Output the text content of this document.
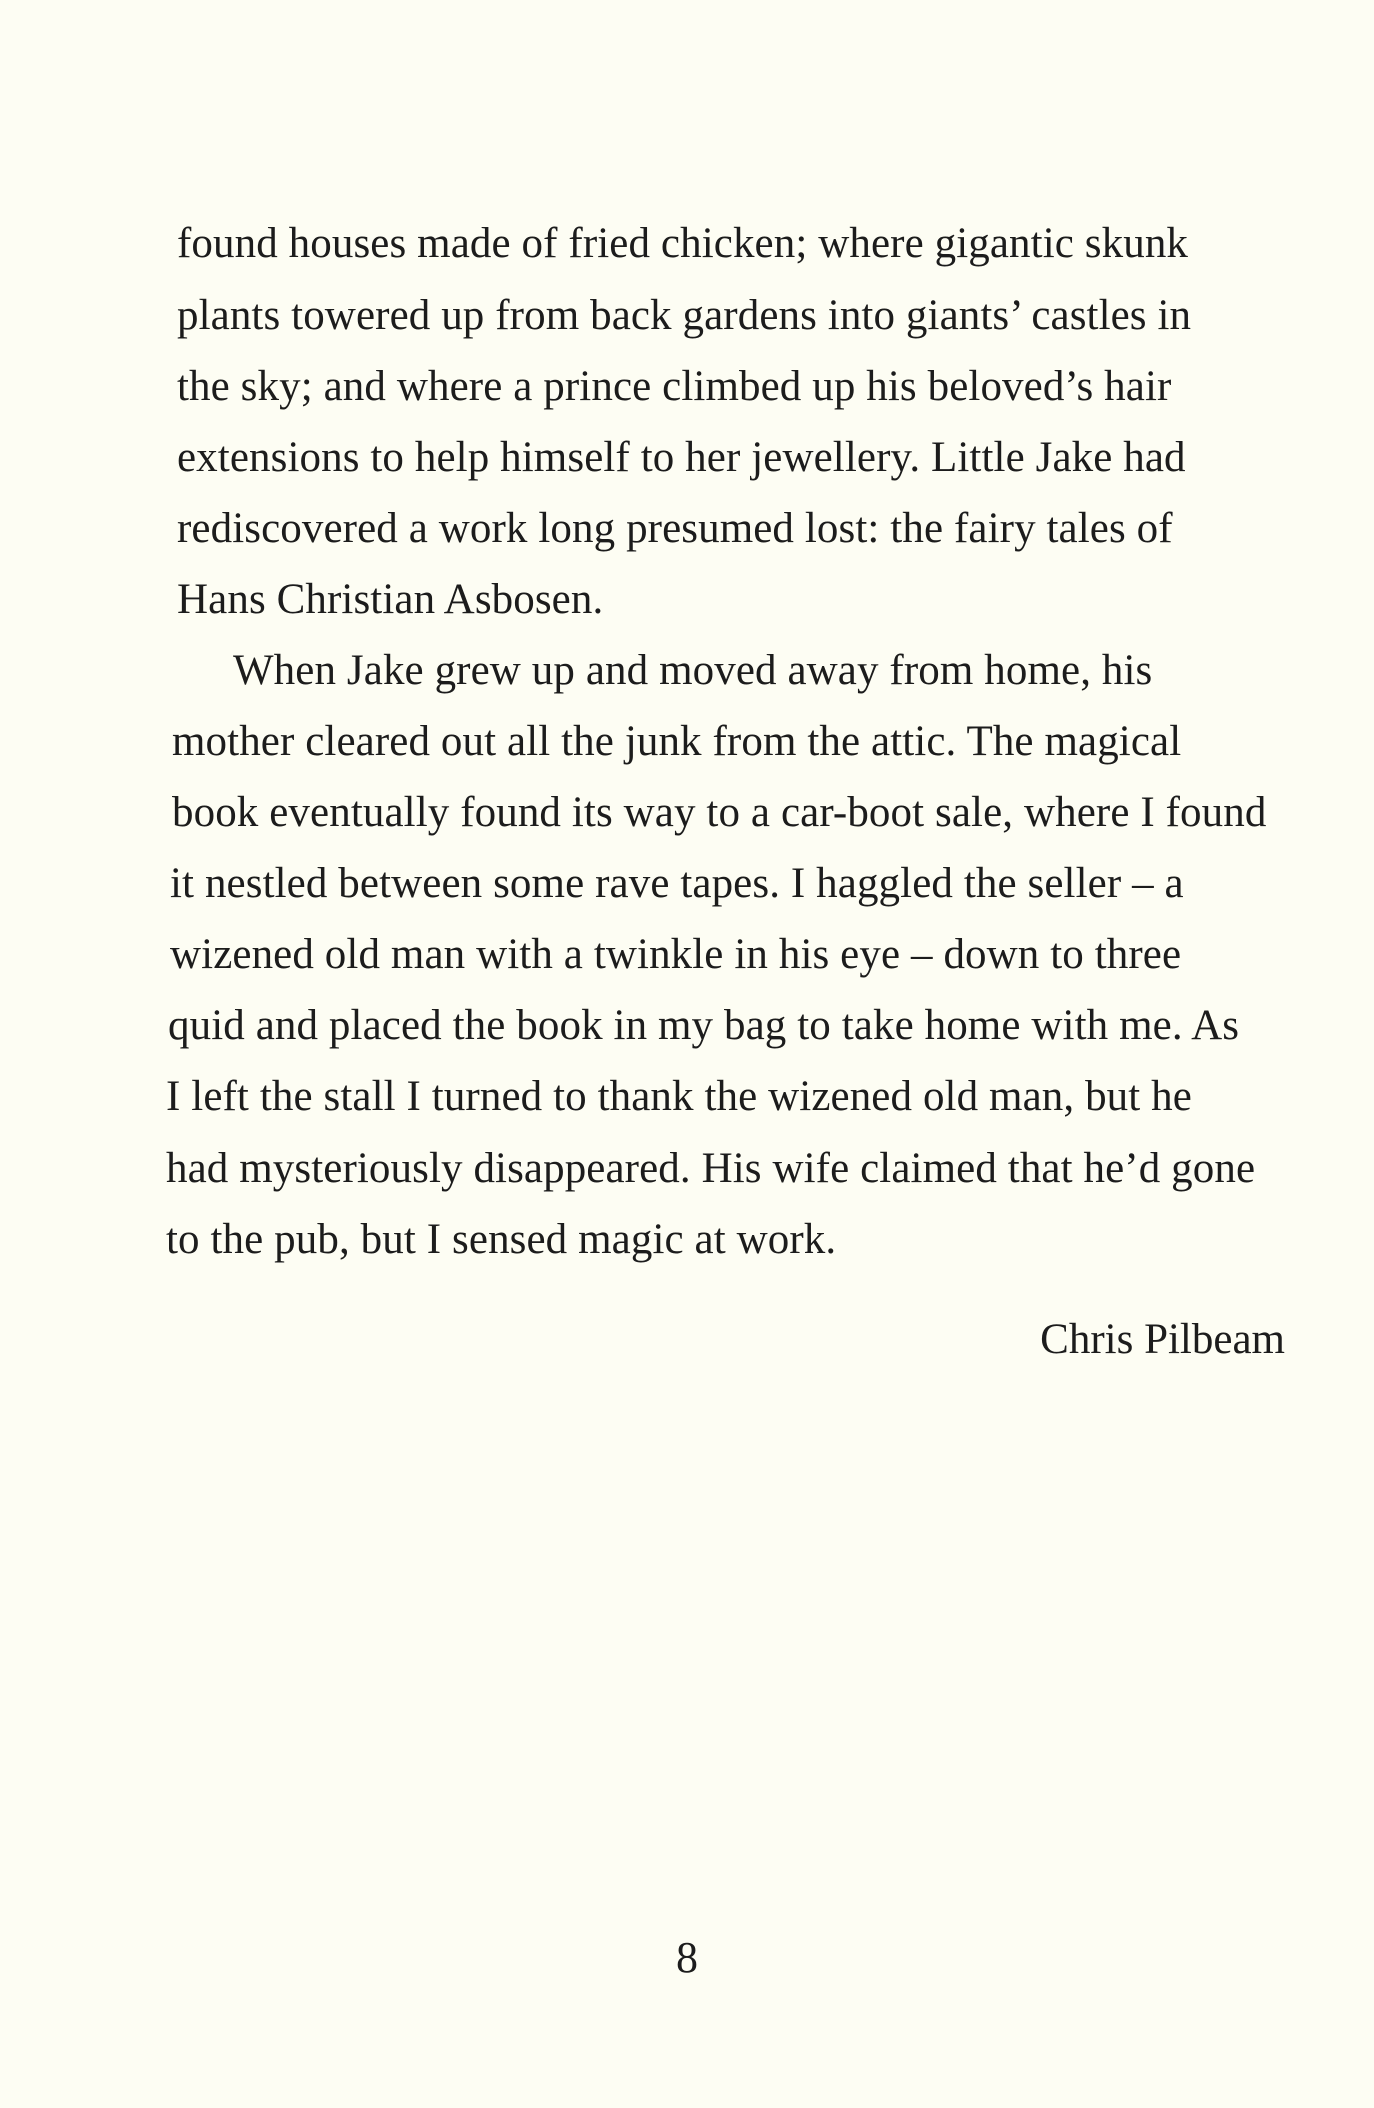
found houses made of fried chicken; where gigantic skunk
plants towered up from back gardens into giants’ castles in
the sky; and where a prince climbed up his beloved’s hair
extensions to help himself to her jewellery. Little Jake had
rediscovered a work long presumed lost: the fairy tales of
Hans Christian Asbosen.
When Jake grew up and moved away from home, his
mother cleared out all the junk from the attic. The magical
book eventually found its way to a car-boot sale, where I found
it nestled between some rave tapes. I haggled the seller – a
wizened old man with a twinkle in his eye – down to three
quid and placed the book in my bag to take home with me. As
I left the stall I turned to thank the wizened old man, but he
had mysteriously disappeared. His wife claimed that he’d gone
to the pub, but I sensed magic at work.
Chris Pilbeam
8
